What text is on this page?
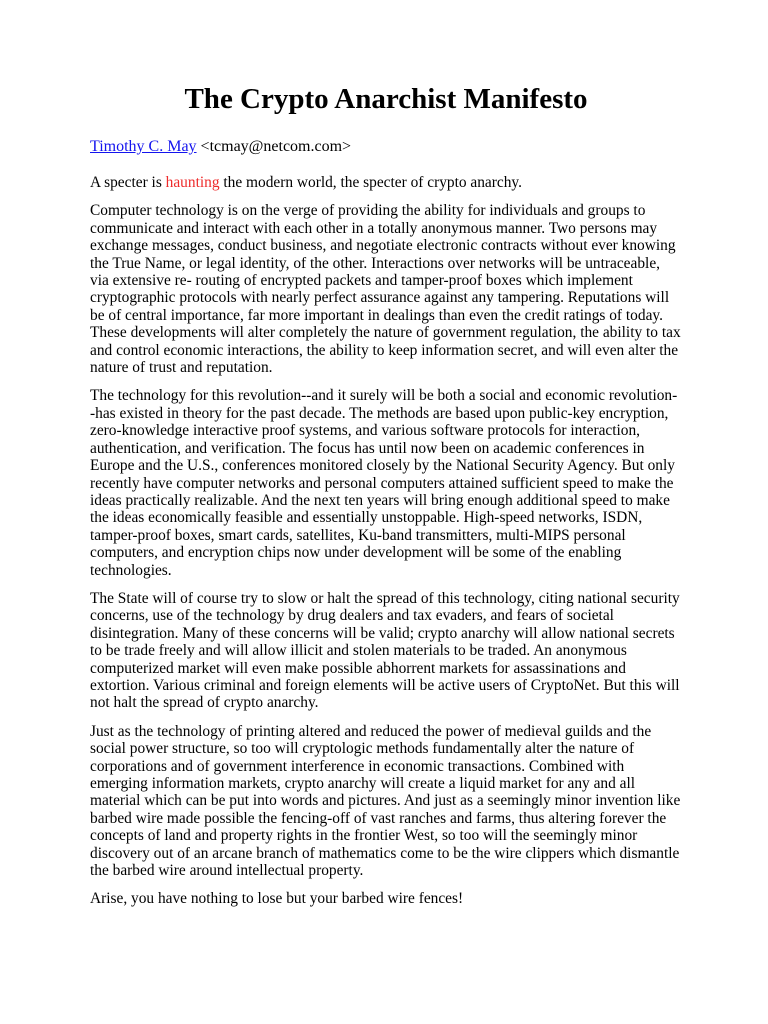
The Crypto Anarchist Manifesto

Timothy C. May <tcmay@netcom.com>

A specter is haunting the modern world, the specter of crypto anarchy.

Computer technology is on the verge of providing the ability for individuals and groups to communicate and interact with each other in a totally anonymous manner. Two persons may exchange messages, conduct business, and negotiate electronic contracts without ever knowing the True Name, or legal identity, of the other. Interactions over networks will be untraceable, via extensive re- routing of encrypted packets and tamper-proof boxes which implement cryptographic protocols with nearly perfect assurance against any tampering. Reputations will be of central importance, far more important in dealings than even the credit ratings of today. These developments will alter completely the nature of government regulation, the ability to tax and control economic interactions, the ability to keep information secret, and will even alter the nature of trust and reputation.

The technology for this revolution--and it surely will be both a social and economic revolution--has existed in theory for the past decade. The methods are based upon public-key encryption, zero-knowledge interactive proof systems, and various software protocols for interaction, authentication, and verification. The focus has until now been on academic conferences in Europe and the U.S., conferences monitored closely by the National Security Agency. But only recently have computer networks and personal computers attained sufficient speed to make the ideas practically realizable. And the next ten years will bring enough additional speed to make the ideas economically feasible and essentially unstoppable. High-speed networks, ISDN, tamper-proof boxes, smart cards, satellites, Ku-band transmitters, multi-MIPS personal computers, and encryption chips now under development will be some of the enabling technologies.

The State will of course try to slow or halt the spread of this technology, citing national security concerns, use of the technology by drug dealers and tax evaders, and fears of societal disintegration. Many of these concerns will be valid; crypto anarchy will allow national secrets to be trade freely and will allow illicit and stolen materials to be traded. An anonymous computerized market will even make possible abhorrent markets for assassinations and extortion. Various criminal and foreign elements will be active users of CryptoNet. But this will not halt the spread of crypto anarchy.

Just as the technology of printing altered and reduced the power of medieval guilds and the social power structure, so too will cryptologic methods fundamentally alter the nature of corporations and of government interference in economic transactions. Combined with emerging information markets, crypto anarchy will create a liquid market for any and all material which can be put into words and pictures. And just as a seemingly minor invention like barbed wire made possible the fencing-off of vast ranches and farms, thus altering forever the concepts of land and property rights in the frontier West, so too will the seemingly minor discovery out of an arcane branch of mathematics come to be the wire clippers which dismantle the barbed wire around intellectual property.

Arise, you have nothing to lose but your barbed wire fences!
